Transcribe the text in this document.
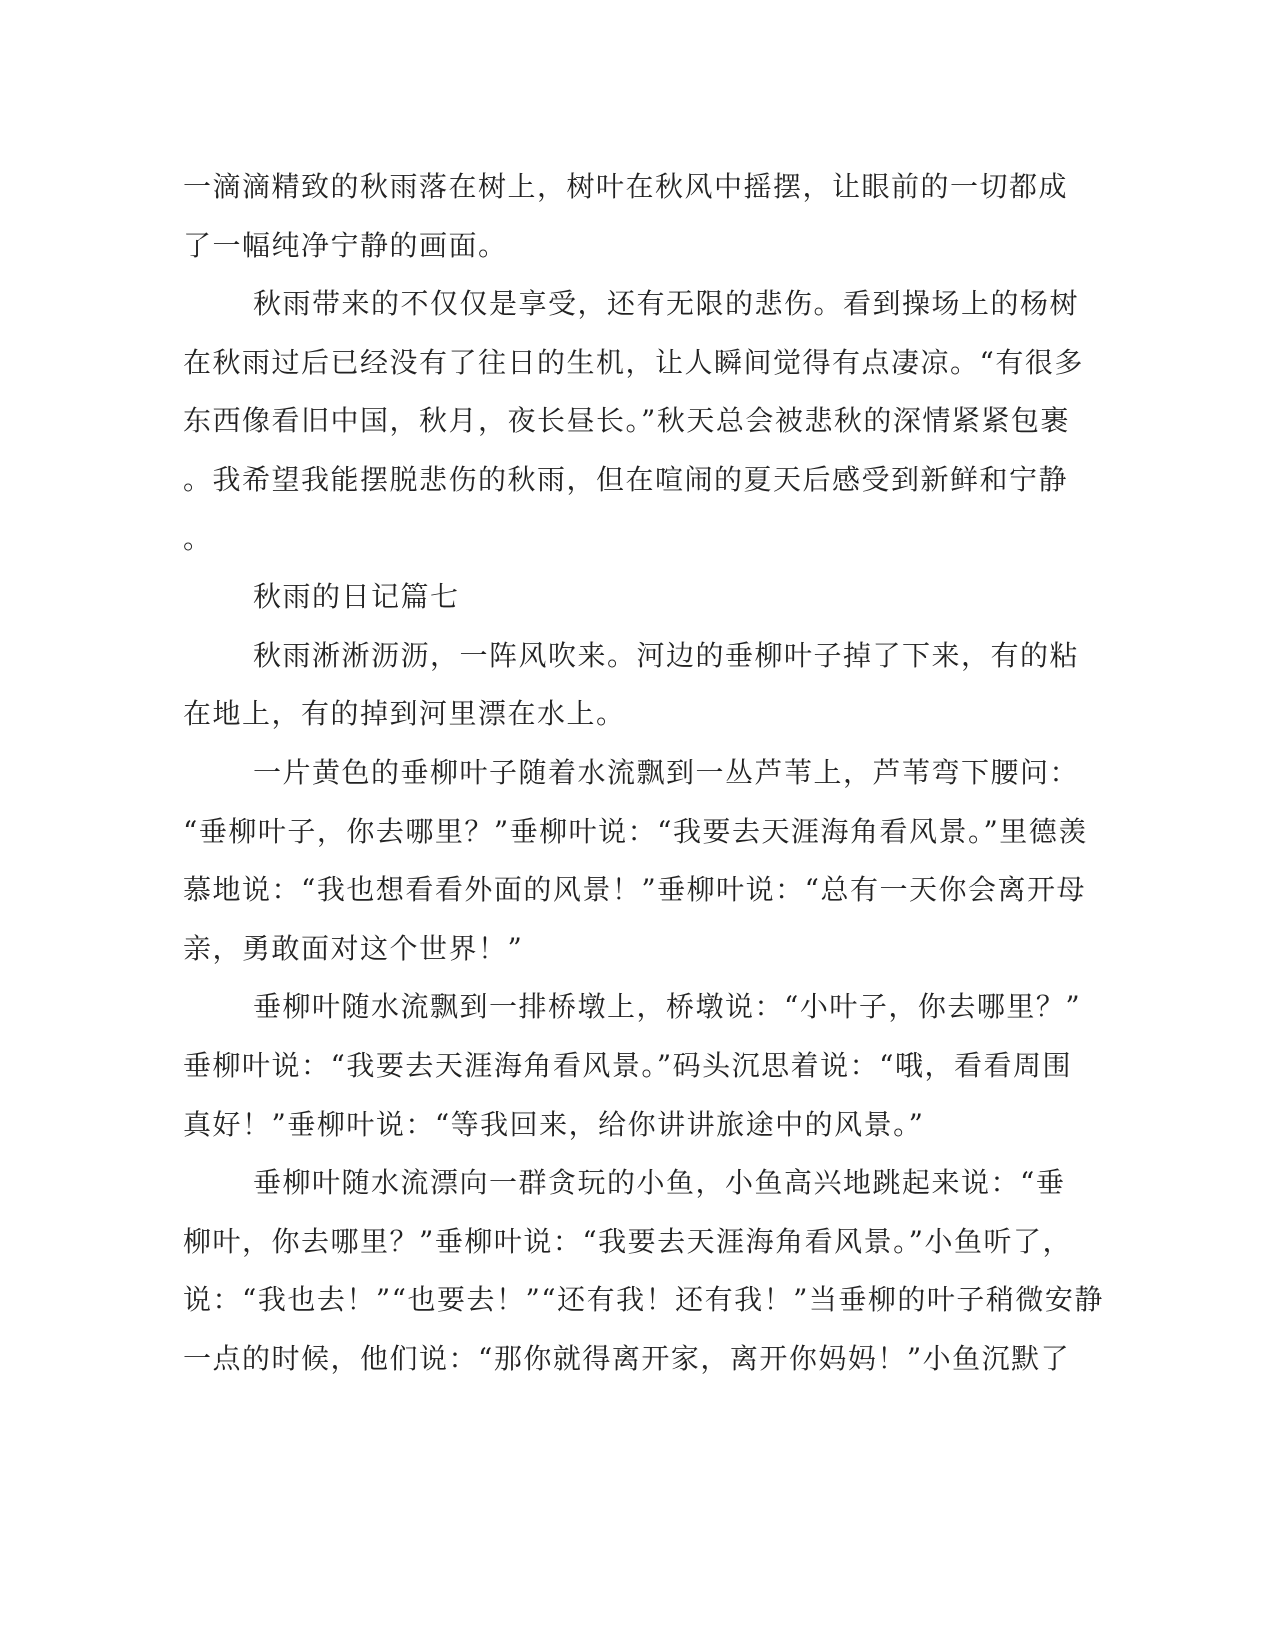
一滴滴精致的秋雨落在树上，树叶在秋风中摇摆，让眼前的一切都成
了一幅纯净宁静的画面。
秋雨带来的不仅仅是享受，还有无限的悲伤。看到操场上的杨树
在秋雨过后已经没有了往日的生机，让人瞬间觉得有点凄凉。“有很多
东西像看旧中国，秋月，夜长昼长。”秋天总会被悲秋的深情紧紧包裹
。我希望我能摆脱悲伤的秋雨，但在喧闹的夏天后感受到新鲜和宁静
。
秋雨的日记篇七
秋雨淅淅沥沥，一阵风吹来。河边的垂柳叶子掉了下来，有的粘
在地上，有的掉到河里漂在水上。
一片黄色的垂柳叶子随着水流飘到一丛芦苇上，芦苇弯下腰问：
“垂柳叶子，你去哪里？”垂柳叶说：“我要去天涯海角看风景。”里德羡
慕地说：“我也想看看外面的风景！”垂柳叶说：“总有一天你会离开母
亲，勇敢面对这个世界！”
垂柳叶随水流飘到一排桥墩上，桥墩说：“小叶子，你去哪里？”
垂柳叶说：“我要去天涯海角看风景。”码头沉思着说：“哦，看看周围
真好！”垂柳叶说：“等我回来，给你讲讲旅途中的风景。”
垂柳叶随水流漂向一群贪玩的小鱼，小鱼高兴地跳起来说：“垂
柳叶，你去哪里？”垂柳叶说：“我要去天涯海角看风景。”小鱼听了，
说：“我也去！”“也要去！”“还有我！还有我！”当垂柳的叶子稍微安静
一点的时候，他们说：“那你就得离开家，离开你妈妈！”小鱼沉默了
